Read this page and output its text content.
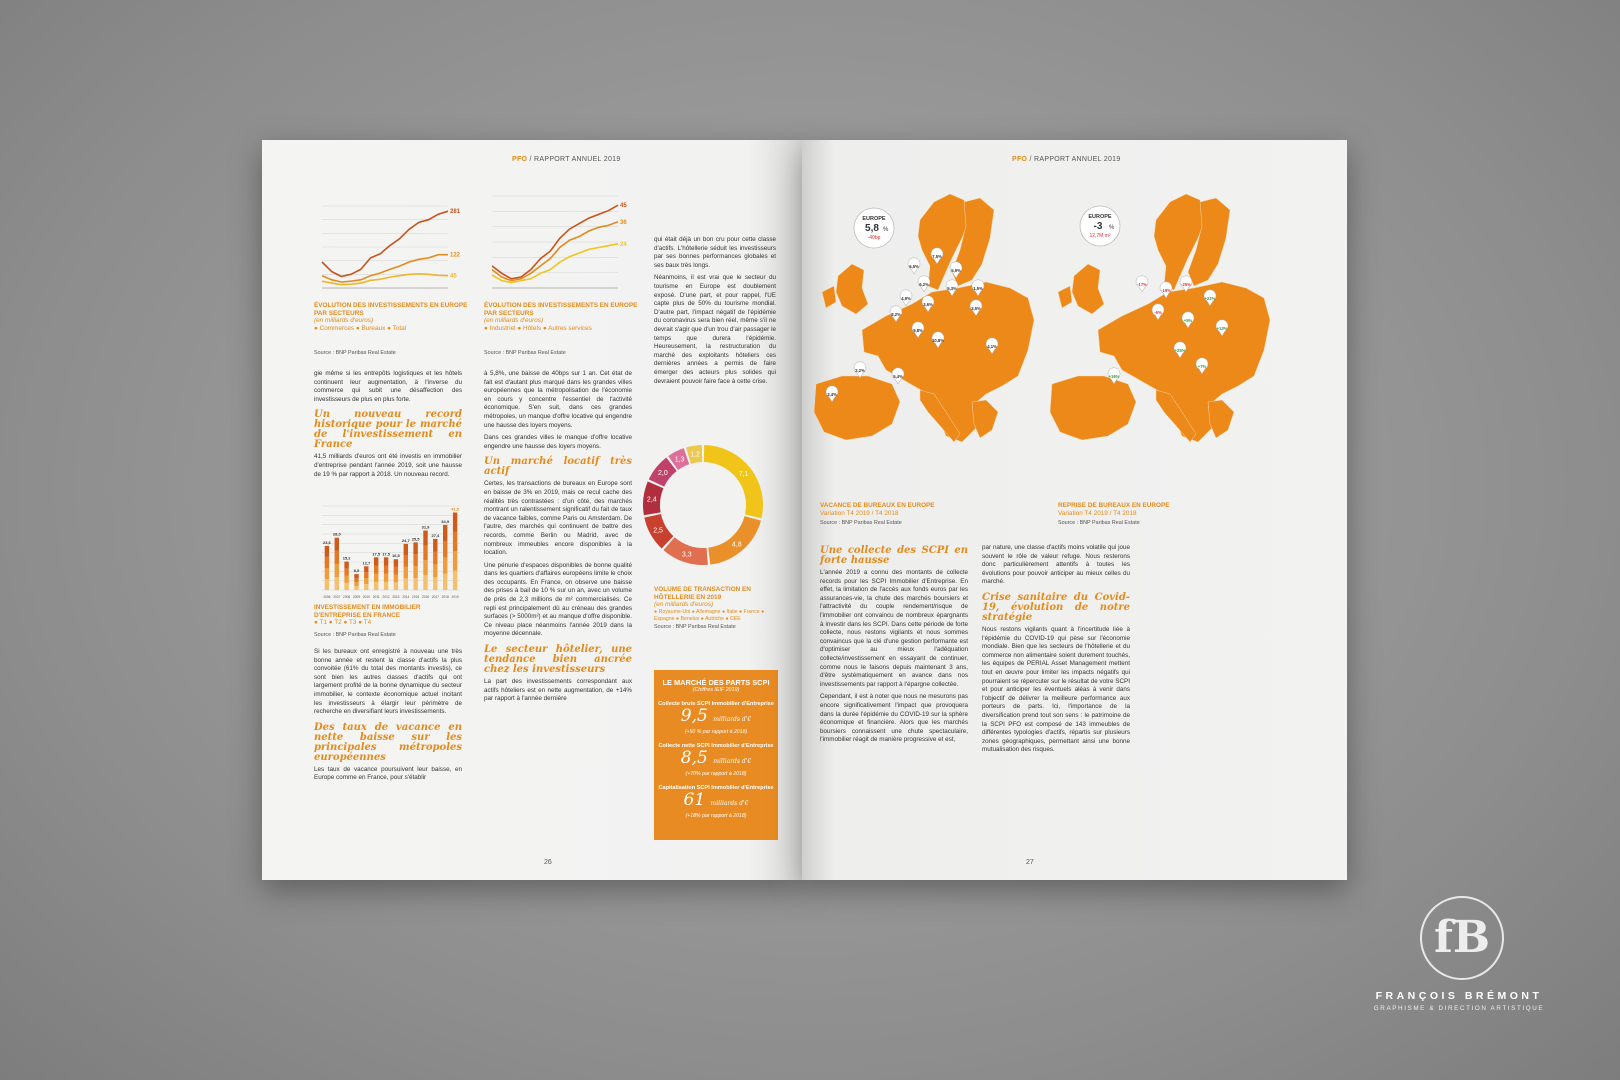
PFO / RAPPORT ANNUEL 2019
281
122
45
ÉVOLUTION DES INVESTISSEMENTS EN EUROPE PAR SECTEURS
(en milliards d'euros)
● Commerces ● Bureaux ● Total
Source : BNP Paribas Real Estate
45
36
24
ÉVOLUTION DES INVESTISSEMENTS EN EUROPE PAR SECTEURS
(en milliards d'euros)
● Industriel ● Hôtels ● Autres services
Source : BNP Paribas Real Estate

gie même si les entrepôts logistiques et les hôtels continuent leur augmentation, à l'inverse du commerce qui subit une désaffection des investisseurs de plus en plus forte.

Un nouveau record historique pour le marché de l'investissement en France

41,5 milliards d'euros ont été investis en immobilier d'entreprise pendant l'année 2019, soit une hausse de 19 % par rapport à 2018. Un nouveau record.

23,6
2006
28,0
2007
15,2
2008
8,5
2009
12,7
2010
17,5
2011
17,5
2012
16,5
2013
24,7
2014
25,5
2015
31,9
2016
27,4
2017
34,9
2018
41,5
2019
INVESTISSEMENT EN IMMOBILIER D'ENTREPRISE EN FRANCE
● T1 ● T2 ● T3 ● T4
Source : BNP Paribas Real Estate

Si les bureaux ont enregistré à nouveau une très bonne année et restent la classe d'actifs la plus convoitée (61% du total des montants investis), ce sont bien les autres classes d'actifs qui ont largement profité de la bonne dynamique du secteur immobilier, le contexte économique actuel incitant les investisseurs à élargir leur périmètre de recherche en diversifiant leurs investissements.

Des taux de vacance en nette baisse sur les principales métropoles européennes

Les taux de vacance poursuivent leur baisse, en Europe comme en France, pour s'établir

à 5,8%, une baisse de 40bps sur 1 an. Cet état de fait est d'autant plus marqué dans les grandes villes européennes que la métropolisation de l'économie en cours y concentre l'essentiel de l'activité économique. S'en suit, dans ces grandes métropoles, un manque d'offre locative qui engendre une hausse des loyers moyens.

Dans ces grandes villes le manque d'offre locative engendre une hausse des loyers moyens.

Un marché locatif très actif

Certes, les transactions de bureaux en Europe sont en baisse de 3% en 2019, mais ce recul cache des réalités très contrastées : d'un côté, des marchés montrant un ralentissement significatif du fait de taux de vacance faibles, comme Paris ou Amsterdam. De l'autre, des marchés qui continuent de battre des records, comme Berlin ou Madrid, avec de nombreux immeubles encore disponibles à la location.

Une pénurie d'espaces disponibles de bonne qualité dans les quartiers d'affaires européens limite le choix des occupants. En France, on observe une baisse des prises à bail de 10 % sur un an, avec un volume de près de 2,3 millions de m² commercialisés. Ce repli est principalement dû au créneau des grandes surfaces (> 5000m²) et au manque d'offre disponible. Ce niveau place néanmoins l'année 2019 dans la moyenne décennale.

Le secteur hôtelier, une tendance bien ancrée chez les investisseurs

La part des investissements correspondant aux actifs hôteliers est en nette augmentation, de +14% par rapport à l'année dernière

qui était déjà un bon cru pour cette classe d'actifs. L'hôtellerie séduit les investisseurs par ses bonnes performances globales et ses baux très longs.

Néanmoins, il est vrai que le secteur du tourisme en Europe est doublement exposé. D'une part, et pour rappel, l'UE capte plus de 50% du tourisme mondial. D'autre part, l'impact négatif de l'épidémie du coronavirus sera bien réel, même s'il ne devrait s'agir que d'un trou d'air passager le temps que durera l'épidémie. Heureusement, la restructuration du marché des exploitants hôteliers ces dernières années a permis de faire émerger des acteurs plus solides qui devraient pouvoir faire face à cette crise.

7,1
4,8
3,3
2,5
2,4
2,0
1,3
1,2
VOLUME DE TRANSACTION EN HÔTELLERIE EN 2019
(en milliards d'euros)
● Royaume-Uni ● Allemagne ● Italie ● France ● Espagne ● Benelux ● Autriche ● CEE
Source : BNP Paribas Real Estate
26
LE MARCHÉ DES PARTS SCPI
(Chiffres IEIF 2019)
Collecte brute SCPI Immobilier d'Entreprise
9,5 milliards d'€
(+50 % par rapport à 2018)
Collecte nette SCPI Immobilier d'Entreprise
8,5 milliards d'€
(+70% par rapport à 2018)
Capitalisation SCPI Immobilier d'Entreprise
61 milliards d'€
(+18% par rapport à 2018)
PFO / RAPPORT ANNUEL 2019
EUROPE
5,8 %
-40bp
7,5%
6,5%
5,9%
6,2%
5,3%	1,5%
4,9%
3,6%
3,5%
8,2%
9,8%
10,8%
2,2%
3,4%
5,4%
4,1%
EUROPE
-3 %
12,7M m²
-17%
-19%
-25%
+22%
-6%
+5%
+13%
+25%
+16%
+7%
VACANCE DE BUREAUX EN EUROPE
Variation T4 2019 / T4 2018
Source : BNP Paribas Real Estate
REPRISE DE BUREAUX EN EUROPE
Variation T4 2019 / T4 2018
Source : BNP Paribas Real Estate
Une collecte des SCPI en forte hausse

L'année 2019 a connu des montants de collecte records pour les SCPI Immobilier d'Entreprise. En effet, la limitation de l'accès aux fonds euros par les assurances-vie, la chute des marchés boursiers et l'attractivité du couple rendement/risque de l'immobilier ont convaincu de nombreux épargnants à investir dans les SCPI. Dans cette période de forte collecte, nous restons vigilants et nous sommes convaincus que la clé d'une gestion performante est d'optimiser au mieux l'adéquation collecte/investissement en essayant de continuer, comme nous le faisons depuis maintenant 3 ans, d'être systématiquement en avance dans nos investissements par rapport à l'épargne collectée.

Cependant, il est à noter que nous ne mesurons pas encore significativement l'impact que provoquera dans la durée l'épidémie du COVID-19 sur la sphère économique et financière. Alors que les marchés boursiers connaissent une chute spectaculaire, l'immobilier réagit de manière progressive et est,

par nature, une classe d'actifs moins volatile qui joue souvent le rôle de valeur refuge. Nous resterons donc particulièrement attentifs à toutes les évolutions pour pouvoir anticiper au mieux celles du marché.

Crise sanitaire du Covid-19, évolution de notre stratégie

Nous restons vigilants quant à l'incertitude liée à l'épidémie du COVID-19 qui pèse sur l'économie mondiale. Bien que les secteurs de l'hôtellerie et du commerce non alimentaire soient durement touchés, les équipes de PERIAL Asset Management mettent tout en œuvre pour limiter les impacts négatifs qui pourraient se répercuter sur le résultat de votre SCPI et pour anticiper les éventuels aléas à venir dans l'objectif de délivrer la meilleure performance aux porteurs de parts. Ici, l'importance de la diversification prend tout son sens : le patrimoine de la SCPI PFO est composé de 143 immeubles de différentes typologies d'actifs, répartis sur plusieurs zones géographiques, permettant ainsi une bonne mutualisation des risques.

27
fB
FRANÇOIS BRÉMONT
GRAPHISME & DIRECTION ARTISTIQUE
